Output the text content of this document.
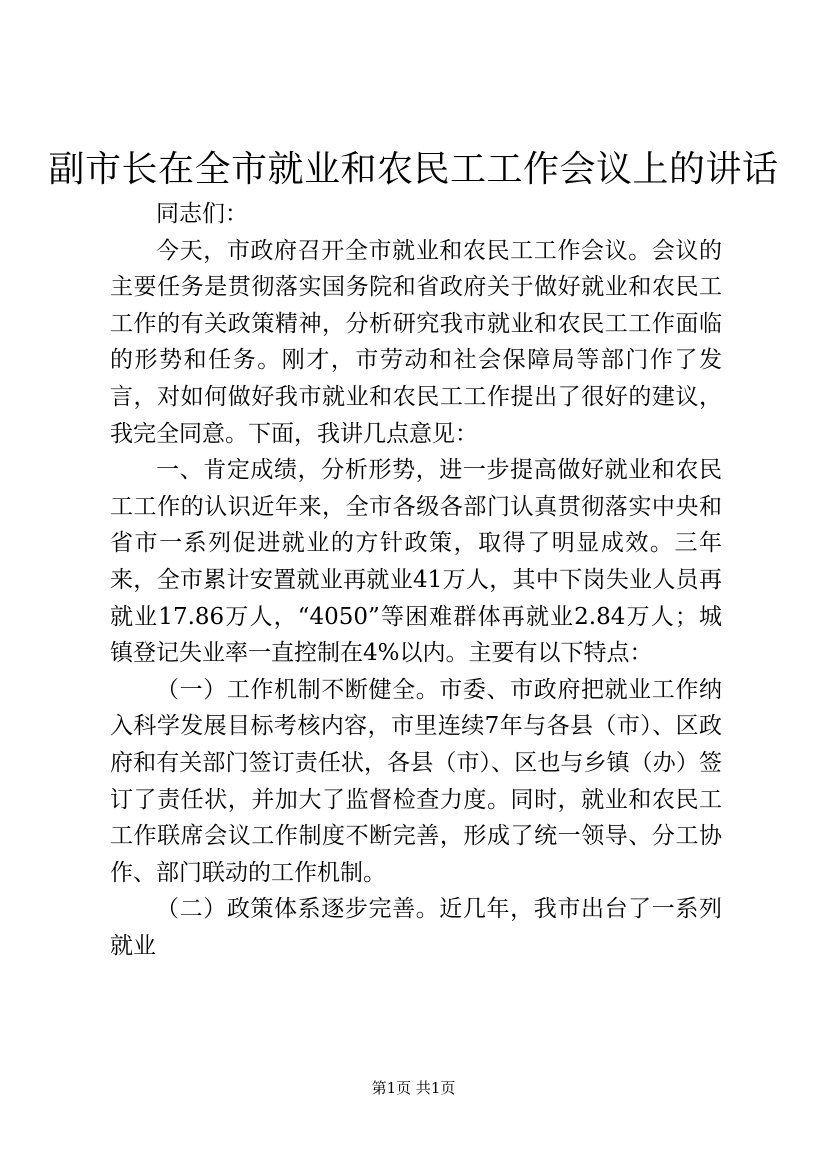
副市长在全市就业和农民工工作会议上的讲话

同志们：

今天，市政府召开全市就业和农民工工作会议。会议的主要任务是贯彻落实国务院和省政府关于做好就业和农民工工作的有关政策精神，分析研究我市就业和农民工工作面临的形势和任务。刚才，市劳动和社会保障局等部门作了发言，对如何做好我市就业和农民工工作提出了很好的建议，我完全同意。下面，我讲几点意见：

一、肯定成绩，分析形势，进一步提高做好就业和农民工工作的认识近年来，全市各级各部门认真贯彻落实中央和省市一系列促进就业的方针政策，取得了明显成效。三年来，全市累计安置就业再就业41万人，其中下岗失业人员再就业17.86万人，“4050”等困难群体再就业2.84万人；城镇登记失业率一直控制在4%以内。主要有以下特点：

（一）工作机制不断健全。市委、市政府把就业工作纳入科学发展目标考核内容，市里连续7年与各县（市）、区政府和有关部门签订责任状，各县（市）、区也与乡镇（办）签订了责任状，并加大了监督检查力度。同时，就业和农民工工作联席会议工作制度不断完善，形成了统一领导、分工协作、部门联动的工作机制。

（二）政策体系逐步完善。近几年，我市出台了一系列就业

第1页 共1页
